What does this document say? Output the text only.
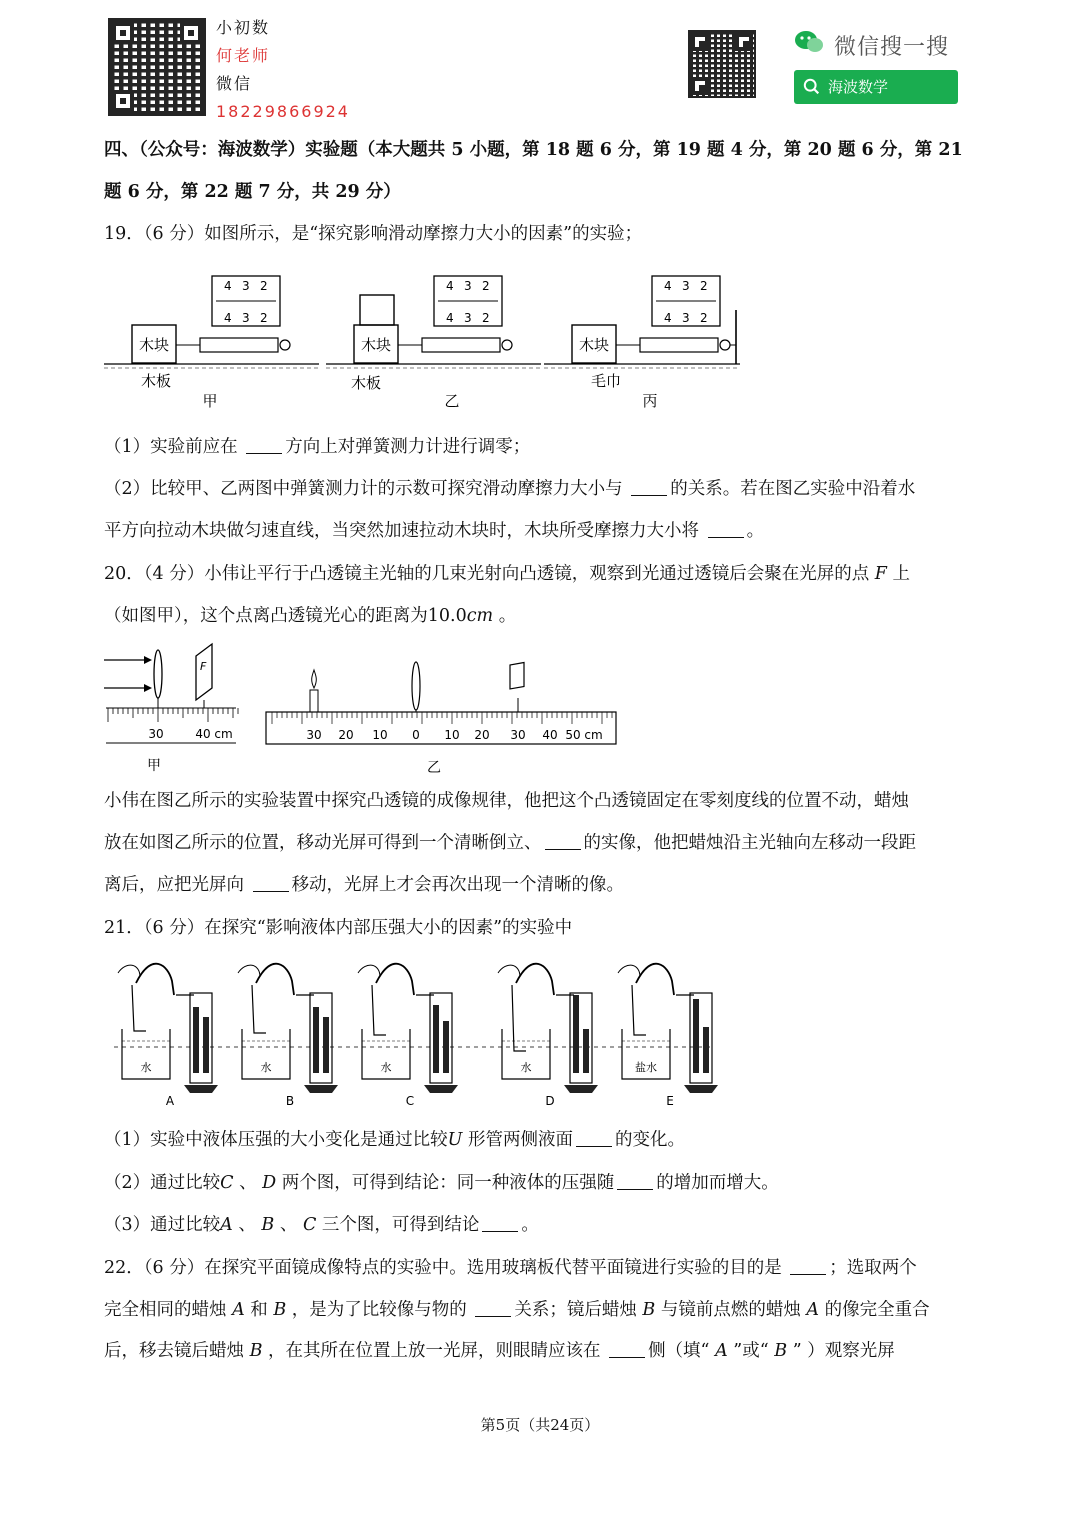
小初数
何老师
微信
18229866924
微信搜一搜
海波数学
四、（公众号：海波数学）实验题（本大题共 5 小题，第 18 题 6 分，第 19 题 4 分，第 20 题 6 分，第 21
题 6 分，第 22 题 7 分，共 29 分）
19．（6 分）如图所示，是“探究影响滑动摩擦力大小的因素”的实验；
木块
4 3 2
4 3 2
木板
甲
木块
4 3 2
4 3 2
木板
乙
木块
4 3 2
4 3 2
毛巾
丙
（1）实验前应在 方向上对弹簧测力计进行调零；
（2）比较甲、乙两图中弹簧测力计的示数可探究滑动摩擦力大小与 的关系。若在图乙实验中沿着水
平方向拉动木块做匀速直线，当突然加速拉动木块时，木块所受摩擦力大小将 。
20．（4 分）小伟让平行于凸透镜主光轴的几束光射向凸透镜，观察到光通过透镜后会聚在光屏的点 F 上
（如图甲），这个点离凸透镜光心的距离为10.0cm 。
F
30	40 cm
甲
30 20 10 0 10 20 30 40 50 cm
乙
小伟在图乙所示的实验装置中探究凸透镜的成像规律，他把这个凸透镜固定在零刻度线的位置不动，蜡烛
放在如图乙所示的位置，移动光屏可得到一个清晰倒立、 的实像，他把蜡烛沿主光轴向左移动一段距
离后，应把光屏向 移动，光屏上才会再次出现一个清晰的像。
21．（6 分）在探究“影响液体内部压强大小的因素”的实验中
水
A
水
B
水
C
水
D
盐水
E
（1）实验中液体压强的大小变化是通过比较U 形管两侧液面 的变化。
（2）通过比较C 、 D 两个图，可得到结论：同一种液体的压强随 的增加而增大。
（3）通过比较A 、 B 、 C 三个图，可得到结论 。
22．（6 分）在探究平面镜成像特点的实验中。选用玻璃板代替平面镜进行实验的目的是 ；选取两个
完全相同的蜡烛 A 和 B ，是为了比较像与物的 关系；镜后蜡烛 B 与镜前点燃的蜡烛 A 的像完全重合
后，移去镜后蜡烛 B ，在其所在位置上放一光屏，则眼睛应该在 侧（填“ A ”或“ B ” ）观察光屏
第5页（共24页）
